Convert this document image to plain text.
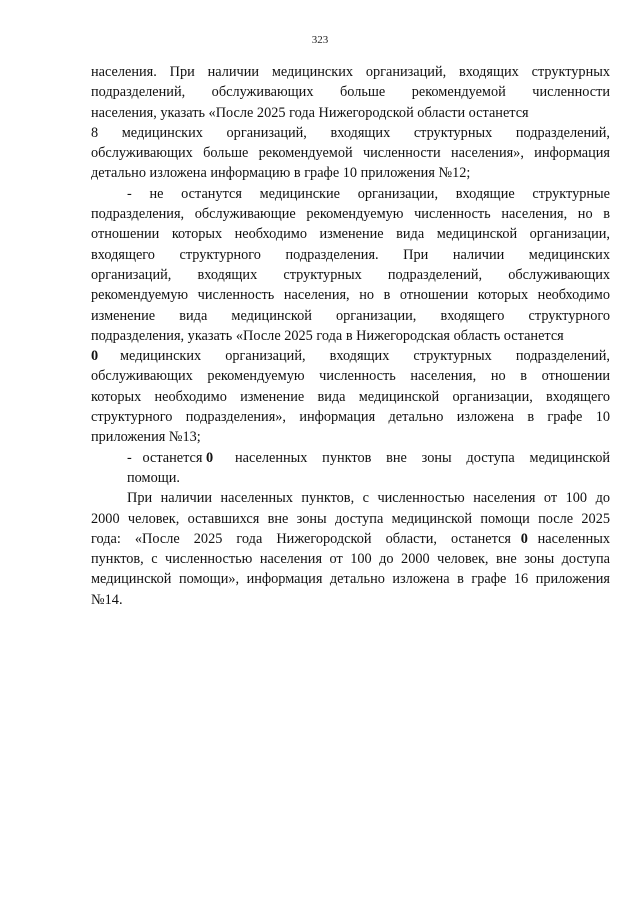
323
населения. При наличии медицинских организаций, входящих структурных
подразделений, обслуживающих больше рекомендуемой численности
населения, указать «После 2025 года Нижегородской области останется
8 медицинских организаций, входящих структурных подразделений,
обслуживающих больше рекомендуемой численности населения», информация
детально изложена информацию в графе 10 приложения №12;
- не останутся медицинские организации, входящие структурные
подразделения, обслуживающие рекомендуемую численность населения, но в
отношении которых необходимо изменение вида медицинской организации,
входящего структурного подразделения. При наличии медицинских
организаций, входящих структурных подразделений, обслуживающих
рекомендуемую численность населения, но в отношении которых необходимо
изменение вида медицинской организации, входящего структурного
подразделения, указать «После 2025 года в Нижегородская область останется
0 медицинских организаций, входящих структурных подразделений,
обслуживающих рекомендуемую численность населения, но в отношении
которых необходимо изменение вида медицинской организации, входящего
структурного подразделения», информация детально изложена в графе 10
приложения №13;
-   останется 0 населенных пунктов вне зоны доступа медицинской
помощи.
При наличии населенных пунктов, с численностью населения от 100 до
2000 человек, оставшихся вне зоны доступа медицинской помощи после 2025
года: «После 2025 года Нижегородской области, останется 0 населенных
пунктов, с численностью населения от 100 до 2000 человек, вне зоны доступа
медицинской помощи», информация детально изложена в графе 16 приложения
№14.
